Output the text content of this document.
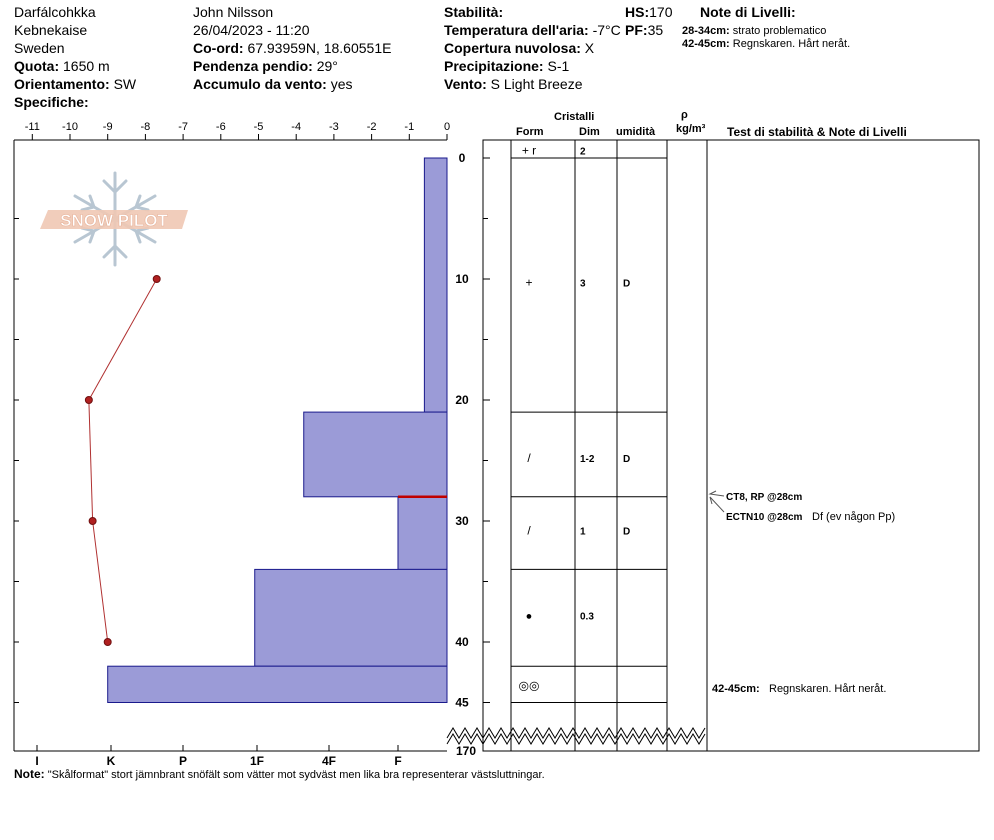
Darfálcohkka
Kebnekaise
Sweden
Quota: 1650 m
Orientamento: SW
Specifiche:
John Nilsson
26/04/2023 - 11:20
Co-ord: 67.93959N, 18.60551E
Pendenza pendio: 29°
Accumulo da vento: yes
Stabilità:
Temperatura dell'aria: -7°C
Copertura nuvolosa: X
Precipitazione: S-1
Vento: S Light Breeze
HS:170
PF:35
Note di Livelli:
28-34cm: strato problematico
42-45cm: Regnskaren. Hårt neråt.
Cristalli
Form	Dim umidità
ρ
kg/m³ Test di stabilità & Note di Livelli
Note: "Skålformat" stort jämnbrant snöfält som vätter mot sydväst men lika bra representerar västsluttningar.
SNOW PILOT
-11 -10 -9	-8	-7	-6	-5	-4	-3	-2	-1	0
I	K	P	1F	4F	F
0
10
20
30
40
45
170
+ r	2
+	3	D
/	1-2	D
/	1	D
●	0.3
◎◎
CT8, RP @28cm
ECTN10 @28cm Df (ev någon Pp)
42-45cm: Regnskaren. Hårt neråt.
